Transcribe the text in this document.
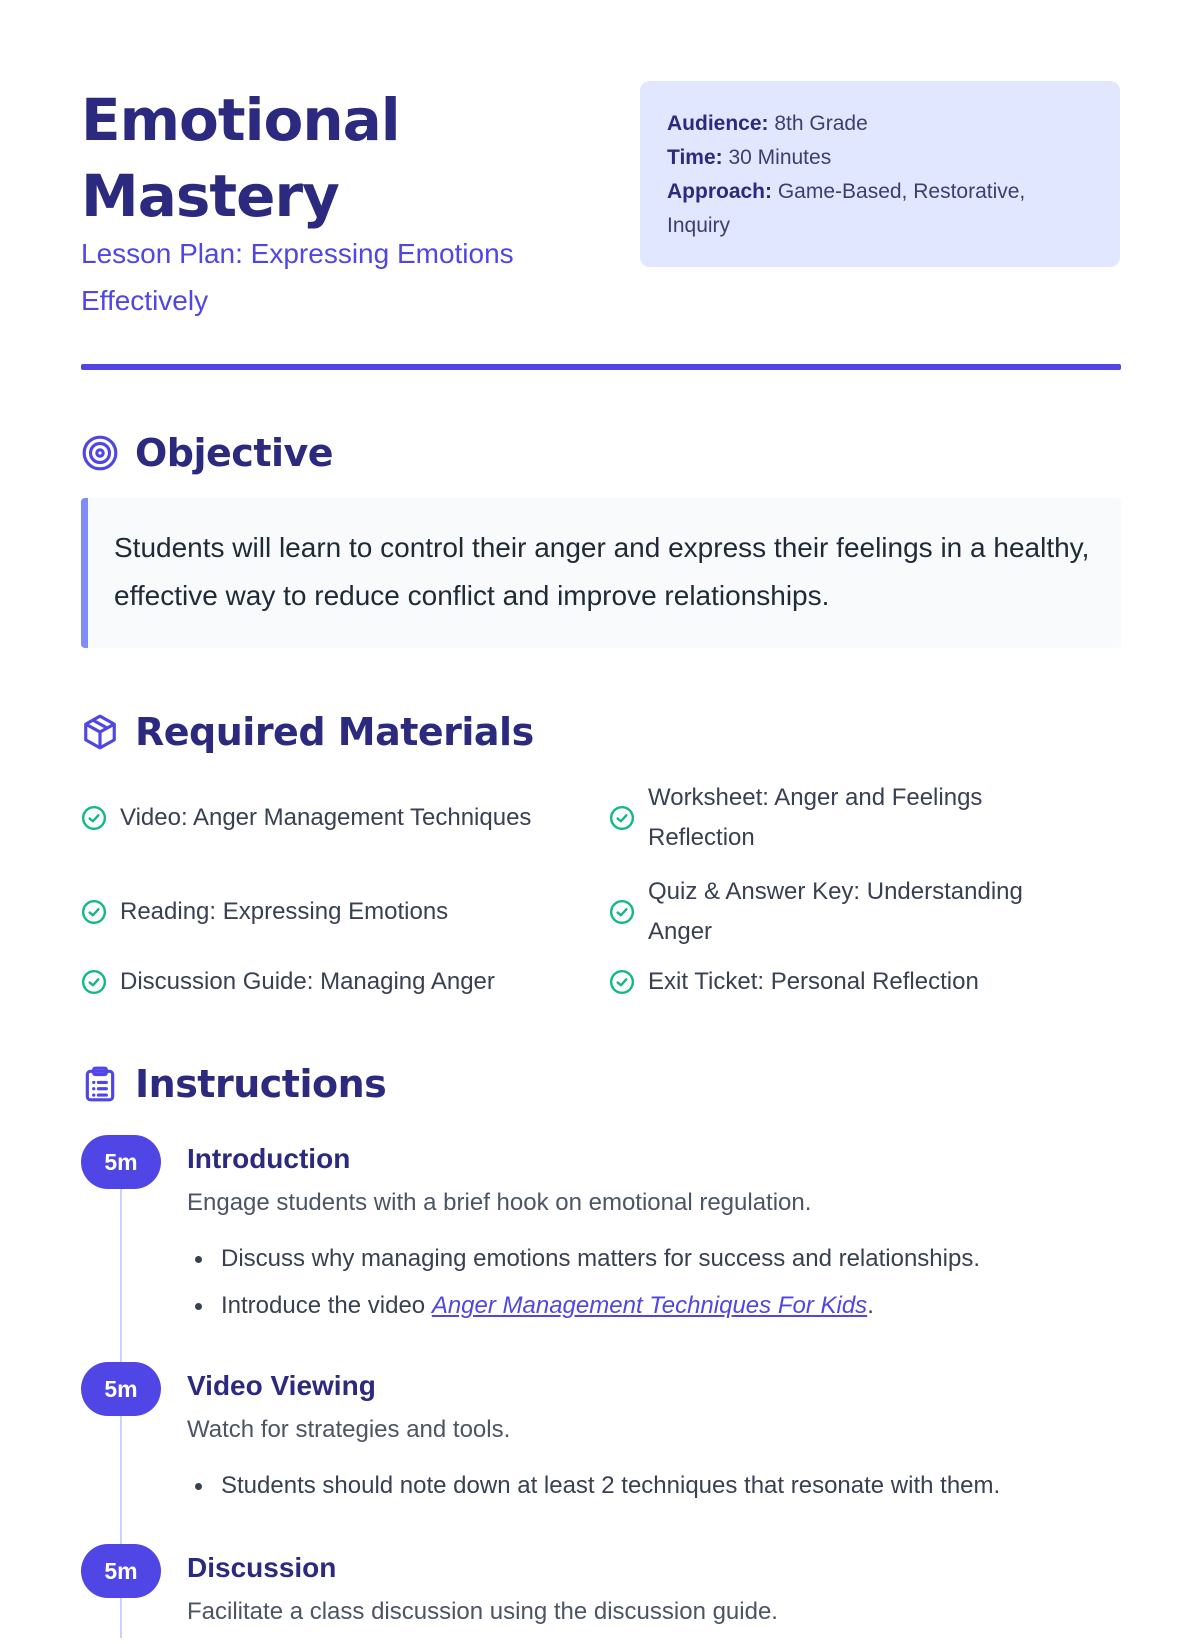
Emotional Mastery
Lesson Plan: Expressing Emotions Effectively
Audience: 8th Grade
Time: 30 Minutes
Approach: Game-Based, Restorative, Inquiry
Objective
Students will learn to control their anger and express their feelings in a healthy, effective way to reduce conflict and improve relationships.
Required Materials
Video: Anger Management Techniques
Worksheet: Anger and Feelings Reflection
Reading: Expressing Emotions
Quiz & Answer Key: Understanding Anger
Discussion Guide: Managing Anger	Exit Ticket: Personal Reflection
Instructions
5m	Introduction
Engage students with a brief hook on emotional regulation.
Discuss why managing emotions matters for success and relationships.
Introduce the video Anger Management Techniques For Kids.
5m	Video Viewing
Watch for strategies and tools.
Students should note down at least 2 techniques that resonate with them.
5m	Discussion
Facilitate a class discussion using the discussion guide.
